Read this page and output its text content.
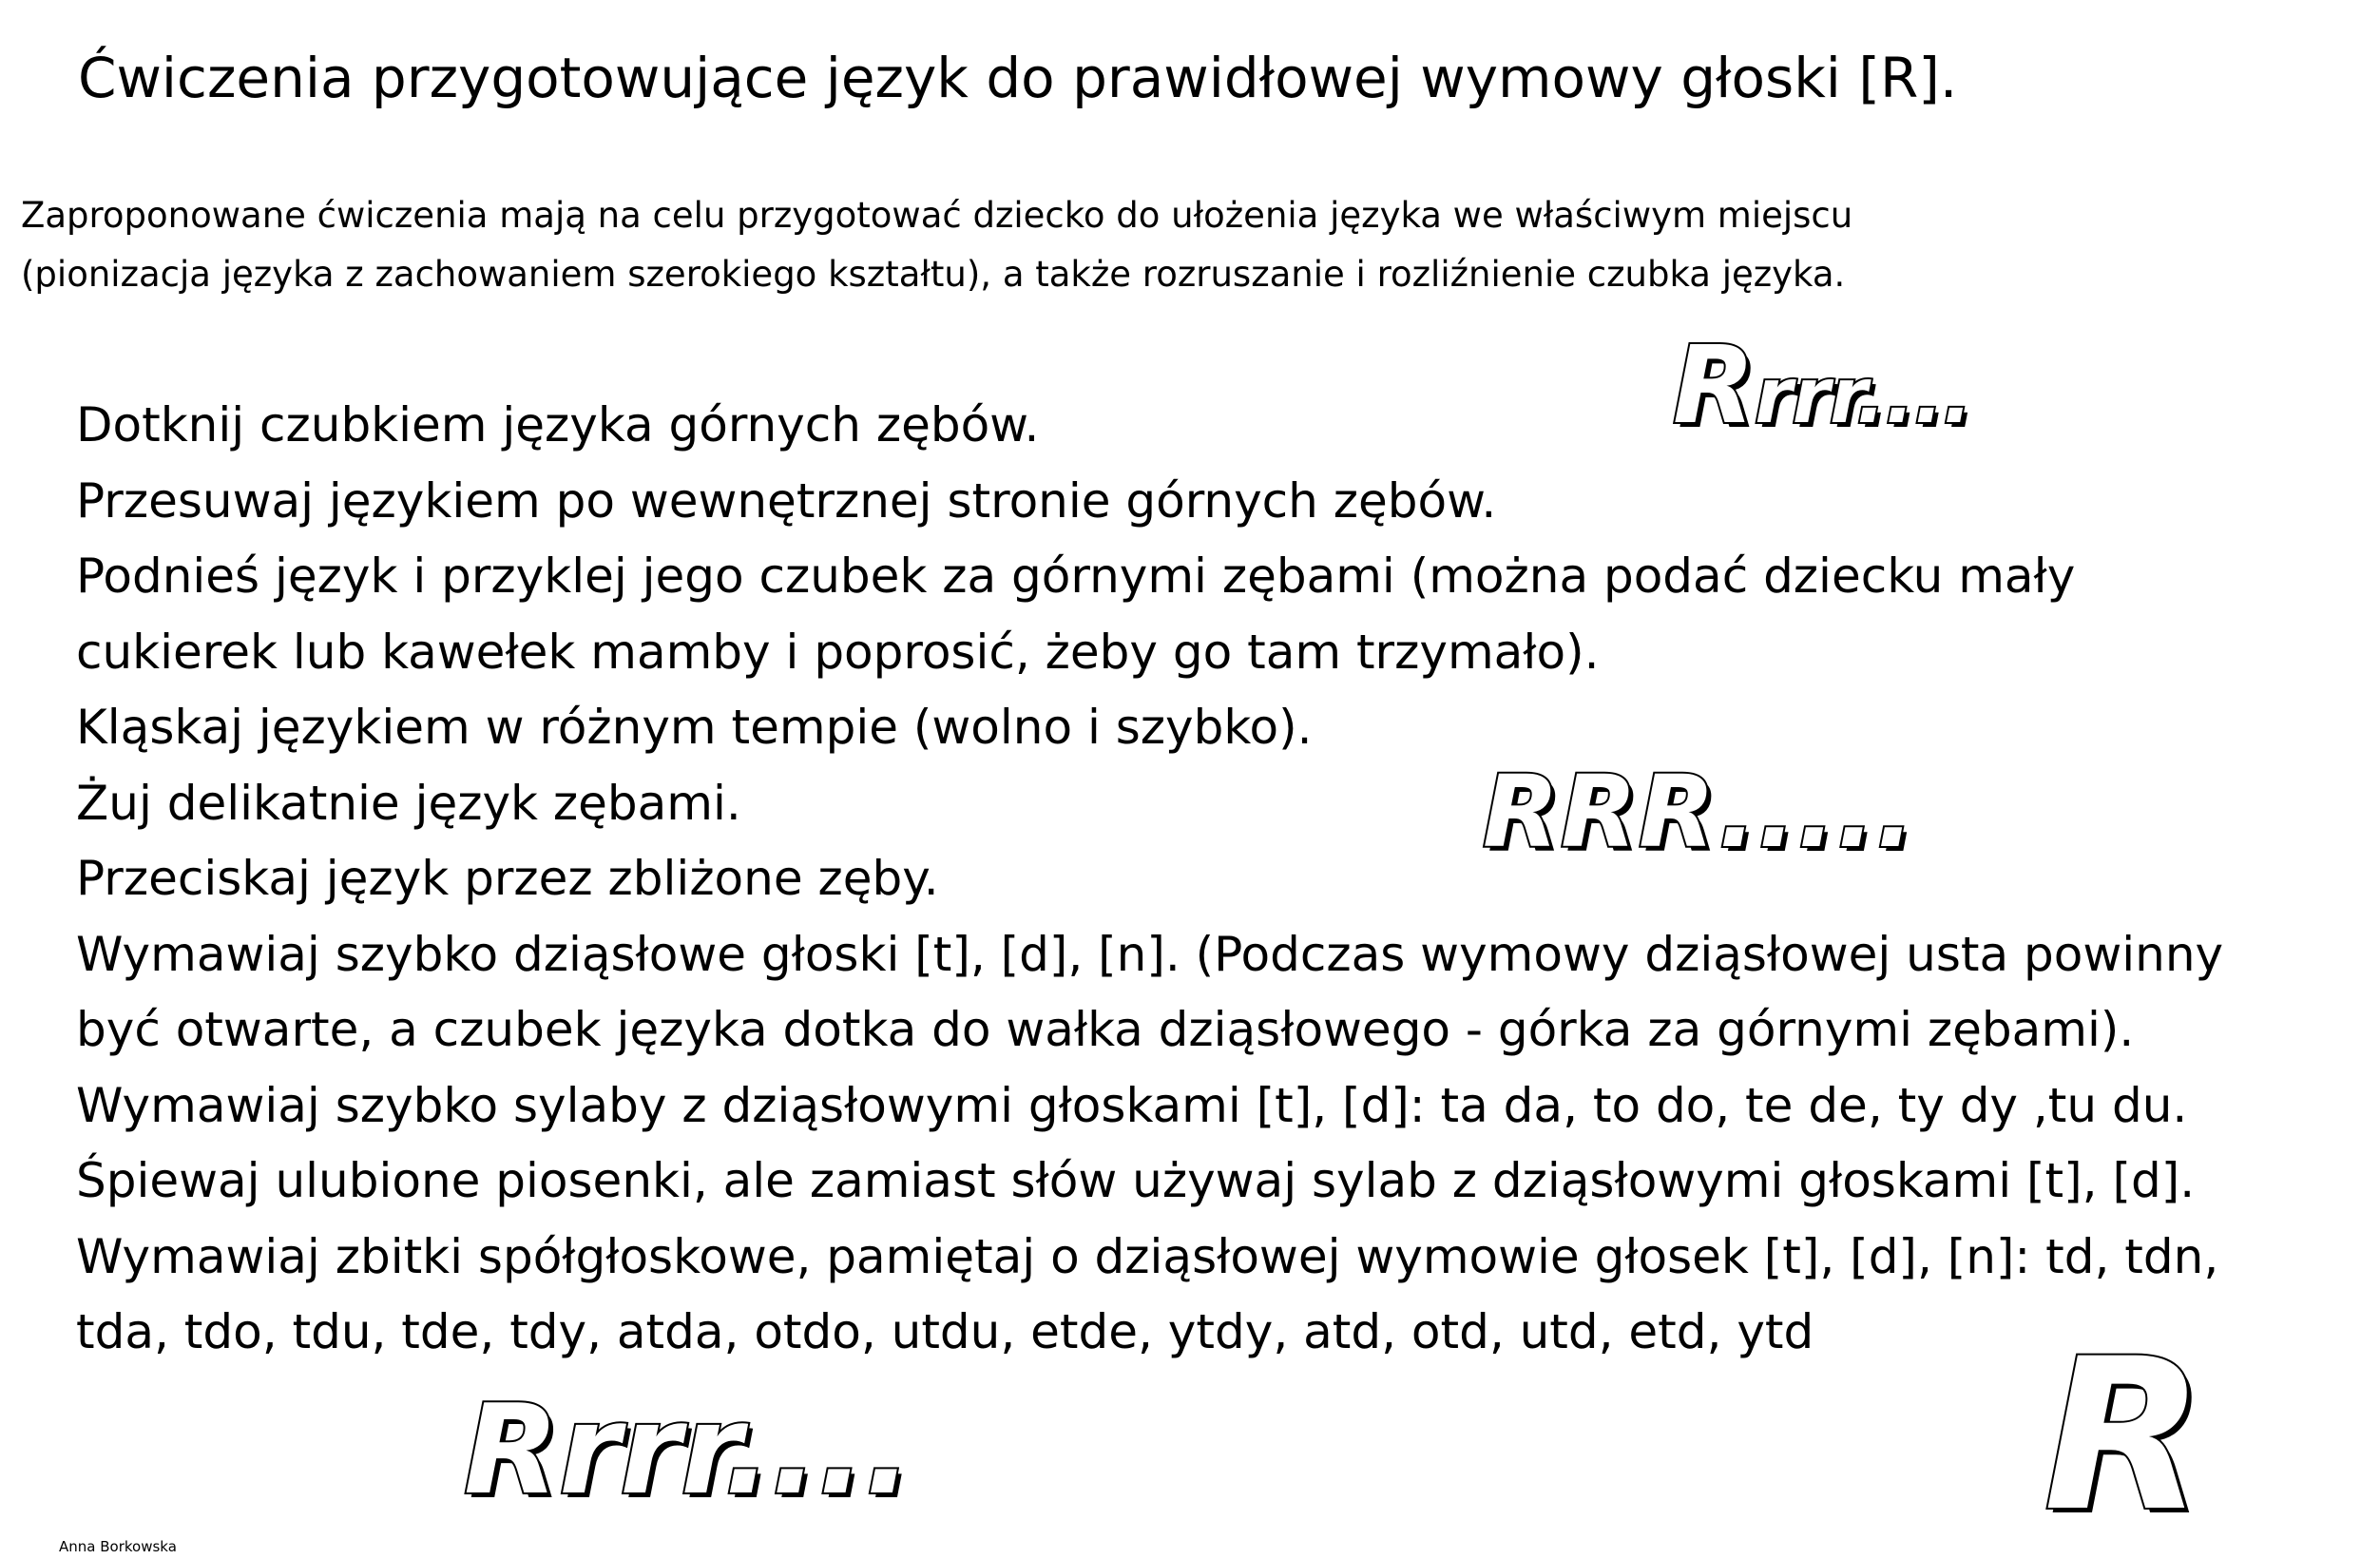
Ćwiczenia przygotowujące język do prawidłowej wymowy głoski [R].
Zaproponowane ćwiczenia mają na celu przygotować dziecko do ułożenia języka we właściwym miejscu
(pionizacja języka z zachowaniem szerokiego kształtu), a także rozruszanie i rozliźnienie czubka języka.
Dotknij czubkiem języka górnych zębów.
Przesuwaj językiem po wewnętrznej stronie górnych zębów.
Podnieś język i przyklej jego czubek za górnymi zębami (można podać dziecku mały
cukierek lub kawełek mamby i poprosić, żeby go tam trzymało).
Kląskaj językiem w różnym tempie (wolno i szybko).
Żuj delikatnie język zębami.
Przeciskaj język przez zbliżone zęby.
Wymawiaj szybko dziąsłowe głoski [t], [d], [n]. (Podczas wymowy dziąsłowej usta powinny
być otwarte, a czubek języka dotka do wałka dziąsłowego - górka za górnymi zębami).
Wymawiaj szybko sylaby z dziąsłowymi głoskami [t], [d]: ta da, to do, te de, ty dy ,tu du.
Śpiewaj ulubione piosenki, ale zamiast słów używaj sylab z dziąsłowymi głoskami [t], [d].
Wymawiaj zbitki spółgłoskowe, pamiętaj o dziąsłowej wymowie głosek [t], [d], [n]: td, tdn,
tda, tdo, tdu, tde, tdy, atda, otdo, utdu, etde, ytdy, atd, otd, utd, etd, ytd
Rrrr....
RRR.....
Rrrr....	R
Anna Borkowska
